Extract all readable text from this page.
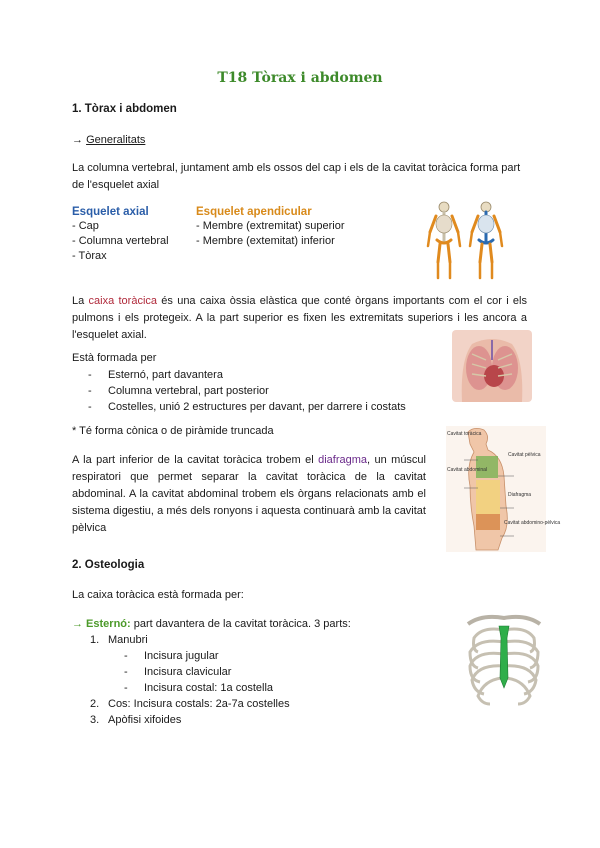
T18 Tòrax i abdomen
1. Tòrax i abdomen
→ Generalitats
La columna vertebral, juntament amb els ossos del cap i els de la cavitat toràcica forma part de l'esquelet axial
Esquelet axial
- Cap
- Columna vertebral
- Tòrax
Esquelet apendicular
- Membre (extremitat) superior
- Membre (extemitat) inferior
La caixa toràcica és una caixa òssia elàstica que conté òrgans importants com el cor i els pulmons i els protegeix. A la part superior es fixen les extremitats superiors i les ancora a l'esquelet axial.
Està formada per
- Esternó, part davantera
- Columna vertebral, part posterior
- Costelles, unió 2 estructures per davant, per darrere i costats
* Té forma cònica o de piràmide truncada
A la part inferior de la cavitat toràcica trobem el diafragma, un múscul respiratori que permet separar la cavitat toràcica de la cavitat abdominal. A la cavitat abdominal trobem els òrgans relacionats amb el sistema digestiu, a més dels ronyons i aquesta continuarà amb la cavitat pèlvica
Cavitat toràcica
Cavitat abdominal
Cavitat pèlvica
Diafragma
Cavitat abdomino-pèlvica
2. Osteologia
La caixa toràcica està formada per:
→ Esternó: part davantera de la cavitat toràcica. 3 parts:
1. Manubri
- Incisura jugular
- Incisura clavicular
- Incisura costal: 1a costella
2. Cos: Incisura costals: 2a-7a costelles
3. Apòfisi xifoides
